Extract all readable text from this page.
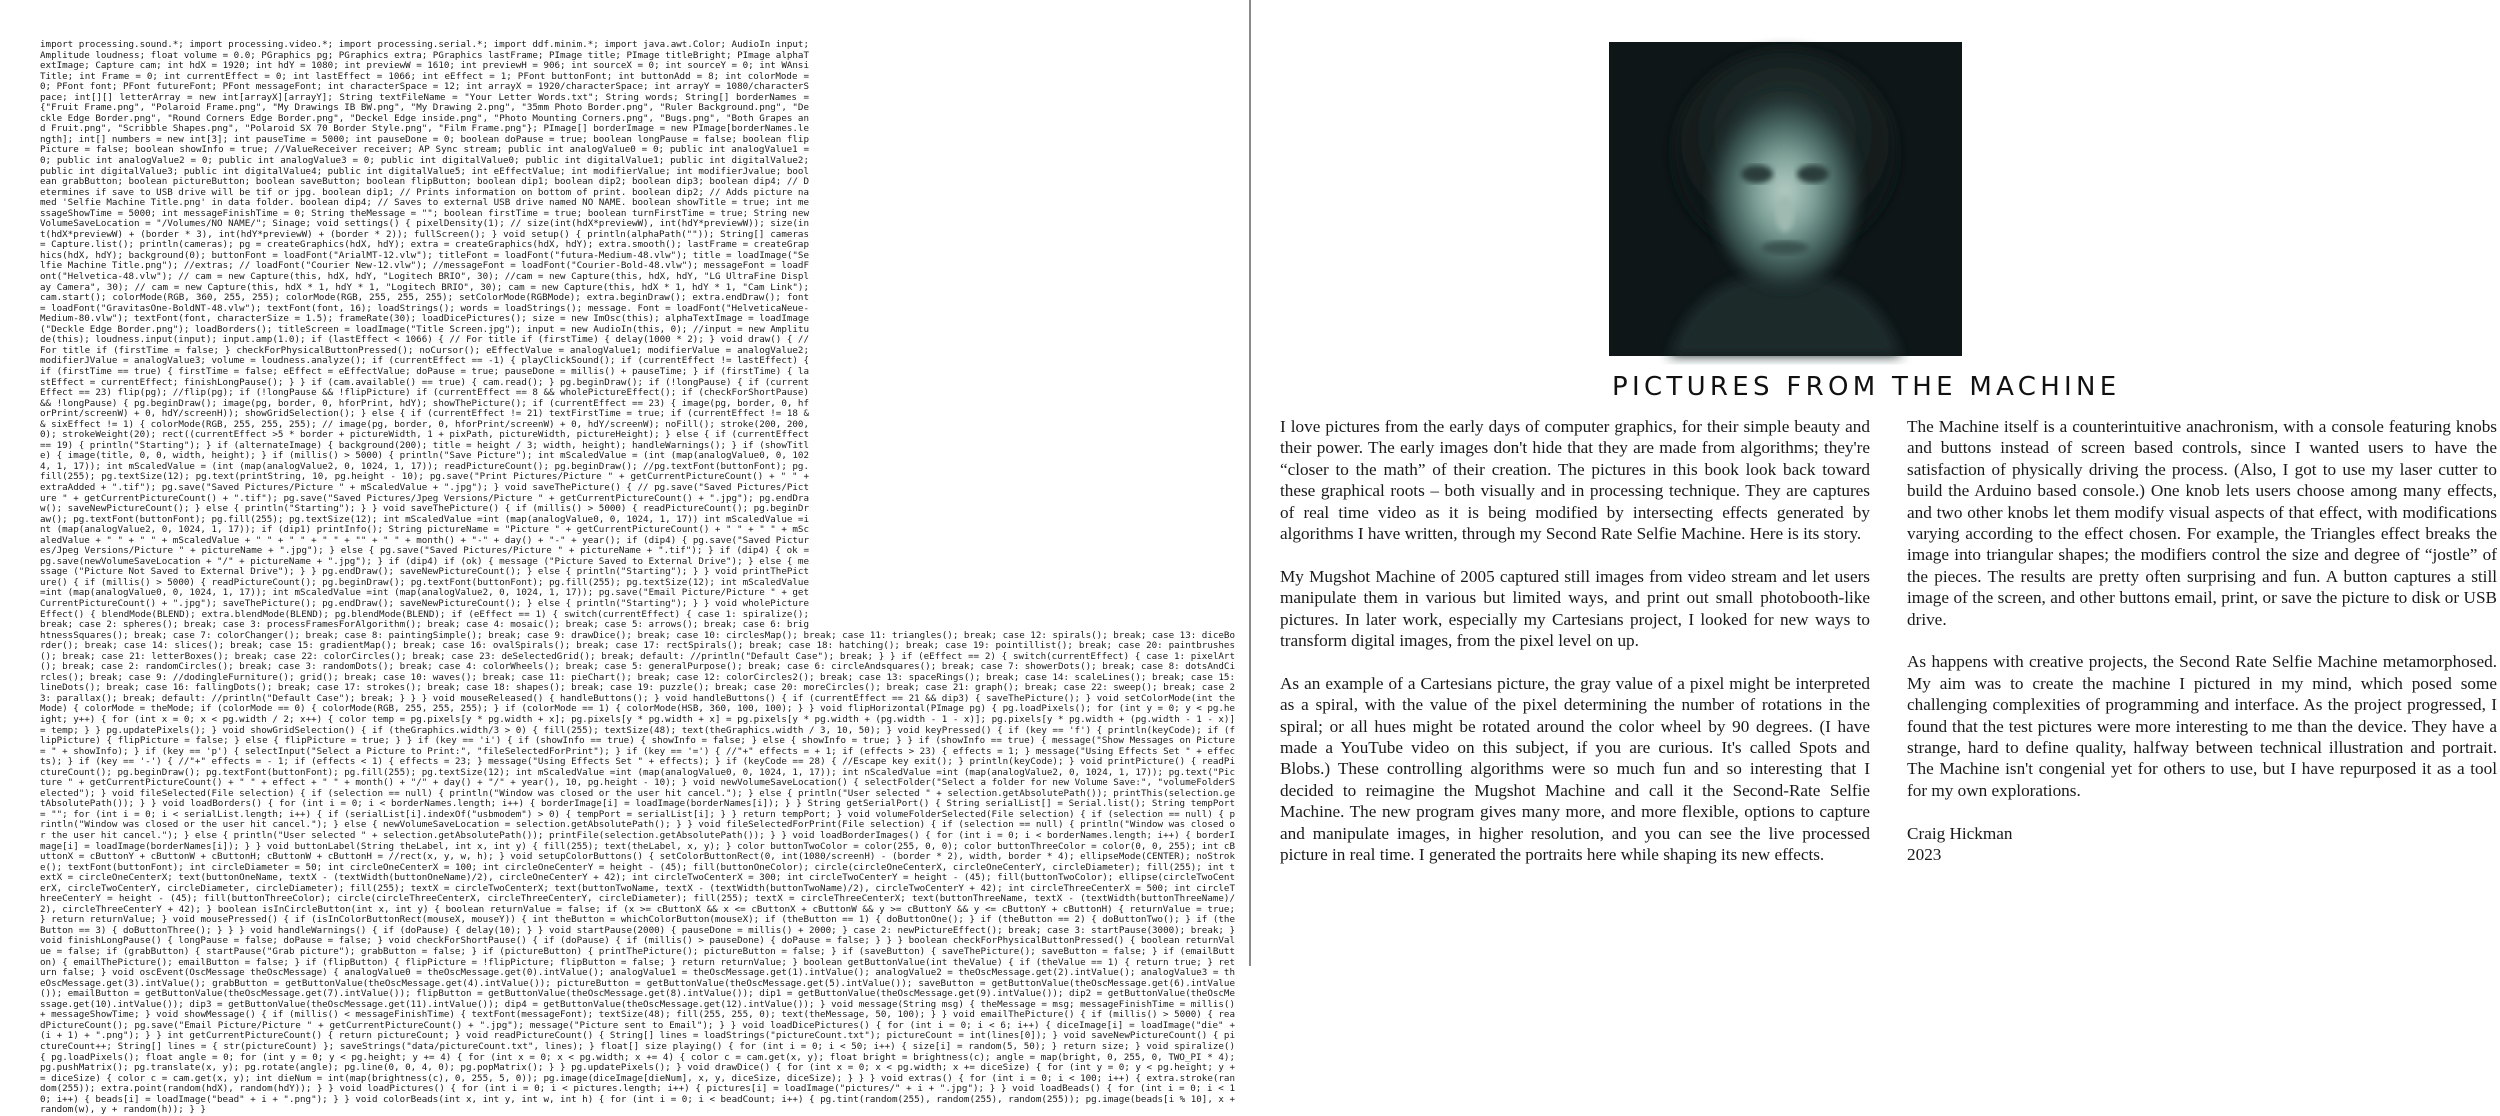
import processing.sound.*; import processing.video.*; import processing.serial.*; import ddf.minim.*; import java.awt.Color; AudioIn input; Amplitude loudness; float volume = 0.0; PGraphics pg; PGraphics extra; PGraphics lastFrame; PImage title; PImage titleBright; PImage alphaTextImage; Capture cam; int hdX = 1920; int hdY = 1080; int previewW = 1610; int previewH = 906; int sourceX = 0; int sourceY = 0; int WAnsiTitle; int Frame = 0; int currentEffect = 0; int lastEffect = 1066; int eEffect = 1; PFont buttonFont; int buttonAdd = 8; int colorMode = 0; PFont font; PFont futureFont; PFont messageFont; int characterSpace = 12; int arrayX = 1920/characterSpace; int arrayY = 1080/characterSpace; int[][] letterArray = new int[arrayX][arrayY]; String textFileName = "Your Letter Words.txt"; String words; String[] borderNames = {"Fruit Frame.png", "Polaroid Frame.png", "My Drawings IB BW.png", "My Drawing 2.png", "35mm Photo Border.png", "Ruler Background.png", "Deckle Edge Border.png", "Round Corners Edge Border.png", "Deckel Edge inside.png", "Photo Mounting Corners.png", "Bugs.png", "Both Grapes and Fruit.png", "Scribble Shapes.png", "Polaroid SX 70 Border Style.png", "Film Frame.png"}; PImage[] borderImage = new PImage[borderNames.length]; int[] numbers = new int[3]; int pauseTime = 5000; int pauseDone = 0; boolean doPause = true; boolean longPause = false; boolean flipPicture = false; boolean showInfo = true; //ValueReceiver receiver; AP Sync stream; public int analogValue0 = 0; public int analogValue1 = 0; public int analogValue2 = 0; public int analogValue3 = 0; public int digitalValue0; public int digitalValue1; public int digitalValue2; public int digitalValue3; public int digitalValue4; public int digitalValue5; int eEffectValue; int modifierValue; int modifierJvalue; boolean grabButton; boolean pictureButton; boolean saveButton; boolean flipButton; boolean dip1; boolean dip2; boolean dip3; boolean dip4; // Determines if save to USB drive will be tif or jpg. boolean dip1; // Prints information on bottom of print. boolean dip2; // Adds picture named 'Selfie Machine Title.png' in data folder. boolean dip4; // Saves to external USB drive named NO NAME. boolean showTitle = true; int messageShowTime = 5000; int messageFinishTime = 0; String theMessage = ""; boolean firstTime = true; boolean turnFirstTime = true; String newVolumeSaveLocation = "/Volumes/NO NAME/"; Sinage; void settings() { pixelDensity(1); // size(int(hdX*previewW), int(hdY*previewW)); size(int(hdX*previewW) + (border * 3), int(hdY*previewW) + (border * 2)); fullScreen(); } void setup() { println(alphaPath("")); String[] cameras = Capture.list(); println(cameras); pg = createGraphics(hdX, hdY); extra = createGraphics(hdX, hdY); extra.smooth(); lastFrame = createGraphics(hdX, hdY); background(0); buttonFont = loadFont("ArialMT-12.vlw"); titleFont = loadFont("futura-Medium-48.vlw"); title = loadImage("Selfie Machine Title.png"); //extras; // loadFont("Courier New-12.vlw"); //messageFont = loadFont("Courier-Bold-48.vlw"); messageFont = loadFont("Helvetica-48.vlw"); // cam = new Capture(this, hdX, hdY, "Logitech BRIO", 30); //cam = new Capture(this, hdX, hdY, "LG UltraFine Display Camera", 30); // cam = new Capture(this, hdX * 1, hdY * 1, "Logitech BRIO", 30); cam = new Capture(this, hdX * 1, hdY * 1, "Cam Link"); cam.start(); colorMode(RGB, 360, 255, 255); colorMode(RGB, 255, 255, 255); setColorMode(RGBMode); extra.beginDraw(); extra.endDraw(); font = loadFont("GravitasOne-BoldNT-48.vlw"); textFont(font, 16); loadStrings(); words = loadStrings(); message. Font = loadFont("HelveticaNeue-Medium-80.vlw"); textFont(font, characterSize = 1.5); frameRate(30); loadDicePictures(); size = new ImOsc(this); alphaTextImage = loadImage("Deckle Edge Border.png"); loadBorders(); titleScreen = loadImage("Title Screen.jpg"); input = new AudioIn(this, 0); //input = new Amplitude(this); loudness.input(input); input.amp(1.0); if (lastEffect < 1066) { // For title if (firstTime) { delay(1000 * 2); } void draw() { // For title if (firstTime = false; } checkForPhysicalButtonPressed(); noCursor(); eEffectValue = analogValue1; modifierValue = analogValue2; modifierJValue = analogValue3; volume = loudness.analyze(); if (currentEffect == -1) { playClickSound(); if (currentEffect != lastEffect) { if (firstTime == true) { firstTime = false; eEffect = eEffectValue; doPause = true; pauseDone = millis() + pauseTime; } if (firstTime) { lastEffect = currentEffect; finishLongPause(); } } if (cam.available() == true) { cam.read(); } pg.beginDraw(); if (!longPause) { if (currentEffect == 23) flip(pg); //flip(pg); if (!longPause && !flipPicture) if (currentEffect == 8 && wholePictureEffect(); if (checkForShortPause) && !longPause) { pg.beginDraw(); image(pg, border, 0, hforPrint, hdY); showThePicture(); if (currentEffect == 23) { image(pg, border, 0, hforPrint/screenW) + 0, hdY/screenH)); showGridSelection(); } else { if (currentEffect != 21) textFirstTime = true; if (currentEffect != 18 && sixEffect != 1) { colorMode(RGB, 255, 255, 255); // image(pg, border, 0, hforPrint/screenW) + 0, hdY/screenW); noFill(); stroke(200, 200, 0); strokeWeight(20); rect((currentEffect >5 * border + pictureWidth, 1 + pixPath, pictureWidth, pictureHeight); } else { if (currentEffect == 19) { println("Starting"); } if (alternateImage) { background(200); title = height / 3; width, height); handleWarnings(); } if (showTitle) { image(title, 0, 0, width, height); } if (millis() > 5000) { println("Save Picture"); int mScaledValue = (int (map(analogValue0, 0, 1024, 1, 17)); int mScaledValue = (int (map(analogValue2, 0, 1024, 1, 17)); readPictureCount(); pg.beginDraw(); //pg.textFont(buttonFont); pg.fill(255); pg.textSize(12); pg.text(printString, 10, pg.height - 10); pg.save("Print Pictures/Picture " + getCurrentPictureCount() + " " + extraAdded + ".tif"); pg.save("Saved Pictures/Picture " + mScaledValue + ".jpg"); } void saveThePicture() { // pg.save("Saved Pictures/Picture " + getCurrentPictureCount() + ".tif"); pg.save("Saved Pictures/Jpeg Versions/Picture " + getCurrentPictureCount() + ".jpg"); pg.endDraw(); saveNewPictureCount(); } else { println("Starting"); } } void saveThePicture() { if (millis() > 5000) { readPictureCount(); pg.beginDraw(); pg.textFont(buttonFont); pg.fill(255); pg.textSize(12); int mScaledValue =int (map(analogValue0, 0, 1024, 1, 17)) int mScaledValue =int (map(analogValue2, 0, 1024, 1, 17)); if (dip1) printInfo(); String pictureName = "Picture " + getCurrentPictureCount() + " " + " " + mScaledValue + " " + " " + mScaledValue + " " + " " + " " + "" + " " + month() + "-" + day() + "-" + year(); if (dip4) { pg.save("Saved Pictures/Jpeg Versions/Picture " + pictureName + ".jpg"); } else { pg.save("Saved Pictures/Picture " + pictureName + ".tif"); } if (dip4) { ok = pg.save(newVolumeSaveLocation + "/" + pictureName + ".jpg"); } if (dip4) if (ok) { message ("Picture Saved to External Drive"); } else { message ("Picture Not Saved to External Drive"); } } pg.endDraw(); saveNewPictureCount(); } else { println("Starting"); } } void printThePicture() { if (millis() > 5000) { readPictureCount(); pg.beginDraw(); pg.textFont(buttonFont); pg.fill(255); pg.textSize(12); int mScaledValue =int (map(analogValue0, 0, 1024, 1, 17)); int mScaledValue =int (map(analogValue2, 0, 1024, 1, 17)); pg.save("Email Picture/Picture " + getCurrentPictureCount() + ".jpg"); saveThePicture(); pg.endDraw(); saveNewPictureCount(); } else { println("Starting"); } } void wholePictureEffect() { blendMode(BLEND); extra.blendMode(BLEND); pg.blendMode(BLEND); if (eEffect == 1) { switch(currentEffect) { case 1: spiralize(); break; case 2: spheres(); break; case 3: processFramesForAlgorithm(); break; case 4: mosaic(); break; case 5: arrows(); break; case 6: brightnessSquares(); break; case 7: colorChanger(); break; case 8: paintingSimple(); break; case 9: drawDice(); break; case 10: circlesMap(); break; case 11: triangles(); break; case 12: spirals(); break; case 13: diceBorder(); break; case 14: slices(); break; case 15: gradientMap(); break; case 16: ovalSpirals(); break; case 17: rectSpirals(); break; case 18: hatching(); break; case 19: pointillist(); break; case 20: paintbrushes(); break; case 21: letterBoxes(); break; case 22: colorCircles(); break; case 23: deSelectedGrid(); break; default: //println("Default Case"); break; } } if (eEffect == 2) { switch(currentEffect) { case 1: pixelArt(); break; case 2: randomCircles(); break; case 3: randomDots(); break; case 4: colorWheels(); break; case 5: generalPurpose(); break; case 6: circleAndsquares(); break; case 7: showerDots(); break; case 8: dotsAndCircles(); break; case 9: //dodingleFurniture(); grid(); break; case 10: waves(); break; case 11: pieChart(); break; case 12: colorCircles2(); break; case 13: spaceRings(); break; case 14: scaleLines(); break; case 15: lineDots(); break; case 16: fallingDots(); break; case 17: strokes(); break; case 18: shapes(); break; case 19: puzzle(); break; case 20: moreCircles(); break; case 21: graph(); break; case 22: sweep(); break; case 23: parallax(); break; default: //println("Default Case"); break; } } } void mouseReleased() { handleButtons(); } void handleButtons() { if (currentEffect == 21 && dip3) { saveThePicture(); } void setColorMode(int theMode) { colorMode = theMode; if (colorMode == 0) { colorMode(RGB, 255, 255, 255); } if (colorMode == 1) { colorMode(HSB, 360, 100, 100); } } void flipHorizontal(PImage pg) { pg.loadPixels(); for (int y = 0; y < pg.height; y++) { for (int x = 0; x < pg.width / 2; x++) { color temp = pg.pixels[y * pg.width + x]; pg.pixels[y * pg.width + x] = pg.pixels[y * pg.width + (pg.width - 1 - x)]; pg.pixels[y * pg.width + (pg.width - 1 - x)] = temp; } } pg.updatePixels(); } void showGridSelection() { if (theGraphics.width/3 > 0) { fill(255); textSize(48); text(theGraphics.width / 3, 10, 50); } void keyPressed() { if (key == 'f') { println(keyCode); if (flipPicture) { flipPicture = false; } else { flipPicture = true; } } if (key == 'i') { if (showInfo == true) { showInfo = false; } else { showInfo = true; } } if (showInfo == true) { message("Show Messages on Picture = " + showInfo); } if (key == 'p') { selectInput("Select a Picture to Print:", "fileSelectedForPrint"); } if (key == '=') { //"+" effects = + 1; if (effects > 23) { effects = 1; } message("Using Effects Set " + effects); } if (key == '-') { //"+" effects = - 1; if (effects < 1) { effects = 23; } message("Using Effects Set " + effects); } if (keyCode == 28) { //Escape key exit(); } println(keyCode); } void printPicture() { readPictureCount(); pg.beginDraw(); pg.textFont(buttonFont); pg.fill(255); pg.textSize(12); int mScaledValue =int (map(analogValue0, 0, 1024, 1, 17)); int nScaledValue =int (map(analogValue2, 0, 1024, 1, 17)); pg.text("Picture " + getCurrentPictureCount() + " " + effect + " " + month() + "/" + day() + "/" + year(), 10, pg.height - 10); } void newVolumeSaveLocation() { selectFolder("Select a folder for new Volume Save:", "volumeFolderSelected"); } void fileSelected(File selection) { if (selection == null) { println("Window was closed or the user hit cancel."); } else { println("User selected " + selection.getAbsolutePath()); printThis(selection.getAbsolutePath()); } } void loadBorders() { for (int i = 0; i < borderNames.length; i++) { borderImage[i] = loadImage(borderNames[i]); } } String getSerialPort() { String serialList[] = Serial.list(); String tempPort = ""; for (int i = 0; i < serialList.length; i++) { if (serialList[i].indexOf("usbmodem") > 0) { tempPort = serialList[i]; } } return tempPort; } void volumeFolderSelected(File selection) { if (selection == null) { println("Window was closed or the user hit cancel."); } else { newVolumeSaveLocation = selection.getAbsolutePath(); } } void fileSelectedForPrint(File selection) { if (selection == null) { println("Window was closed or the user hit cancel."); } else { println("User selected " + selection.getAbsolutePath()); printFile(selection.getAbsolutePath()); } } void loadBorderImages() { for (int i = 0; i < borderNames.length; i++) { borderImage[i] = loadImage(borderNames[i]); } } void buttonLabel(String theLabel, int x, int y) { fill(255); text(theLabel, x, y); } color buttonTwoColor = color(255, 0, 0); color buttonThreeColor = color(0, 0, 255); int cButtonX = cButtonY + cButtonW + cButtonH; cButtonW + cButtonH = //rect(x, y, w, h); } void setupColorButtons() { setColorButtonRect(0, int(1080/screenH) - (border * 2), width, border * 4); ellipseMode(CENTER); noStroke(); textFont(buttonFont); int circleDiameter = 50; int circleOneCenterX = 100; int circleOneCenterY = height - (45); fill(buttonOneColor); circle(circleOneCenterX, circleOneCenterY, circleDiameter); fill(255); int textX = circleOneCenterX; text(buttonOneName, textX - (textWidth(buttonOneName)/2), circleOneCenterY + 42); int circleTwoCenterX = 300; int circleTwoCenterY = height - (45); fill(buttonTwoColor); ellipse(circleTwoCenterX, circleTwoCenterY, circleDiameter, circleDiameter); fill(255); textX = circleTwoCenterX; text(buttonTwoName, textX - (textWidth(buttonTwoName)/2), circleTwoCenterY + 42); int circleThreeCenterX = 500; int circleThreeCenterY = height - (45); fill(buttonThreeColor); circle(circleThreeCenterX, circleThreeCenterY, circleDiameter); fill(255); textX = circleThreeCenterX; text(buttonThreeName, textX - (textWidth(buttonThreeName)/2), circleThreeCenterY + 42); } boolean isInCircleButton(int x, int y) { boolean returnValue = false; if (x >= cButtonX && x <= cButtonX + cButtonW && y >= cButtonY && y <= cButtonY + cButtonH) { returnValue = true; } return returnValue; } void mousePressed() { if (isInColorButtonRect(mouseX, mouseY)) { int theButton = whichColorButton(mouseX); if (theButton == 1) { doButtonOne(); } if (theButton == 2) { doButtonTwo(); } if (theButton == 3) { doButtonThree(); } } } void handleWarnings() { if (doPause) { delay(10); } } void startPause(2000) { pauseDone = millis() + 2000; } case 2: newPictureEffect(); break; case 3: startPause(3000); break; } void finishLongPause() { longPause = false; doPause = false; } void checkForShortPause() { if (doPause) { if (millis() > pauseDone) { doPause = false; } } } boolean checkForPhysicalButtonPressed() { boolean returnValue = false; if (grabButton) { startPause("Grab picture"); grabButton = false; } if (pictureButton) { printThePicture(); pictureButton = false; } if (saveButton) { saveThePicture(); saveButton = false; } if (emailButton) { emailThePicture(); emailButton = false; } if (flipButton) { flipPicture = !flipPicture; flipButton = false; } return returnValue; } boolean getButtonValue(int theValue) { if (theValue == 1) { return true; } return false; } void oscEvent(OscMessage theOscMessage) { analogValue0 = theOscMessage.get(0).intValue(); analogValue1 = theOscMessage.get(1).intValue(); analogValue2 = theOscMessage.get(2).intValue(); analogValue3 = theOscMessage.get(3).intValue(); grabButton = getButtonValue(theOscMessage.get(4).intValue()); pictureButton = getButtonValue(theOscMessage.get(5).intValue()); saveButton = getButtonValue(theOscMessage.get(6).intValue()); emailButton = getButtonValue(theOscMessage.get(7).intValue()); flipButton = getButtonValue(theOscMessage.get(8).intValue()); dip1 = getButtonValue(theOscMessage.get(9).intValue()); dip2 = getButtonValue(theOscMessage.get(10).intValue()); dip3 = getButtonValue(theOscMessage.get(11).intValue()); dip4 = getButtonValue(theOscMessage.get(12).intValue()); } void message(String msg) { theMessage = msg; messageFinishTime = millis() + messageShowTime; } void showMessage() { if (millis() < messageFinishTime) { textFont(messageFont); textSize(48); fill(255, 255, 0); text(theMessage, 50, 100); } } void emailThePicture() { if (millis() > 5000) { readPictureCount(); pg.save("Email Picture/Picture " + getCurrentPictureCount() + ".jpg"); message("Picture sent to Email"); } } void loadDicePictures() { for (int i = 0; i < 6; i++) { diceImage[i] = loadImage("die" + (i + 1) + ".png"); } } int getCurrentPictureCount() { return pictureCount; } void readPictureCount() { String[] lines = loadStrings("pictureCount.txt"); pictureCount = int(lines[0]); } void saveNewPictureCount() { pictureCount++; String[] lines = { str(pictureCount) }; saveStrings("data/pictureCount.txt", lines); } float[] size playing() { for (int i = 0; i < 50; i++) { size[i] = random(5, 50); } return size; } void spiralize() { pg.loadPixels(); float angle = 0; for (int y = 0; y < pg.height; y += 4) { for (int x = 0; x < pg.width; x += 4) { color c = cam.get(x, y); float bright = brightness(c); angle = map(bright, 0, 255, 0, TWO_PI * 4); pg.pushMatrix(); pg.translate(x, y); pg.rotate(angle); pg.line(0, 0, 4, 0); pg.popMatrix(); } } pg.updatePixels(); } void drawDice() { for (int x = 0; x < pg.width; x += diceSize) { for (int y = 0; y < pg.height; y += diceSize) { color c = cam.get(x, y); int dieNum = int(map(brightness(c), 0, 255, 5, 0)); pg.image(diceImage[dieNum], x, y, diceSize, diceSize); } } } void extras() { for (int i = 0; i < 100; i++) { extra.stroke(random(255)); extra.point(random(hdX), random(hdY)); } } void loadPictures() { for (int i = 0; i < pictures.length; i++) { pictures[i] = loadImage("pictures/" + i + ".jpg"); } } void loadBeads() { for (int i = 0; i < 10; i++) { beads[i] = loadImage("bead" + i + ".png"); } } void colorBeads(int x, int y, int w, int h) { for (int i = 0; i < beadCount; i++) { pg.tint(random(255), random(255), random(255)); pg.image(beads[i % 10], x + random(w), y + random(h)); } }
PICTURES FROM THE MACHINE

I love pictures from the early days of computer graphics, for their simple beauty and their power. The early images don't hide that they are made from algorithms; they're “closer to the math” of their creation. The pictures in this book look back toward these graphical roots – both visually and in processing technique. They are captures of real time video as it is being modified by intersecting effects generated by algorithms I have written, through my Second Rate Selfie Machine. Here is its story.

My Mugshot Machine of 2005 captured still images from video stream and let users manipulate them in various but limited ways, and print out small photobooth-like pictures. In later work, especially my Cartesians project, I looked for new ways to transform digital images, from the pixel level on up.

As an example of a Cartesians picture, the gray value of a pixel might be interpreted as a spiral, with the value of the pixel determining the number of rotations in the spiral; or all hues might be rotated around the color wheel by 90 degrees. (I have made a YouTube video on this subject, if you are curious. It's called Spots and Blobs.) These controlling algorithms were so much fun and so interesting that I decided to reimagine the Mugshot Machine and call it the Second-Rate Selfie Machine. The new program gives many more, and more flexible, options to capture and manipulate images, in higher resolution, and you can see the live processed picture in real time. I generated the portraits here while shaping its new effects.

The Machine itself is a counterintuitive anachronism, with a console featuring knobs and buttons instead of screen based controls, since I wanted users to have the satisfaction of physically driving the process. (Also, I got to use my laser cutter to build the Arduino based console.) One knob lets users choose among many effects, and two other knobs let them modify visual aspects of that effect, with modifications varying according to the effect chosen. For example, the Triangles effect breaks the image into triangular shapes; the modifiers control the size and degree of “jostle” of the pieces. The results are pretty often surprising and fun. A button captures a still image of the screen, and other buttons email, print, or save the picture to disk or USB drive.

As happens with creative projects, the Second Rate Selfie Machine metamorphosed. My aim was to create the machine I pictured in my mind, which posed some challenging complexities of programming and interface. As the project progressed, I found that the test pictures were more interesting to me than the device. They have a strange, hard to define quality, halfway between technical illustration and portrait. The Machine isn't congenial yet for others to use, but I have repurposed it as a tool for my own explorations.

Craig Hickman

2023
